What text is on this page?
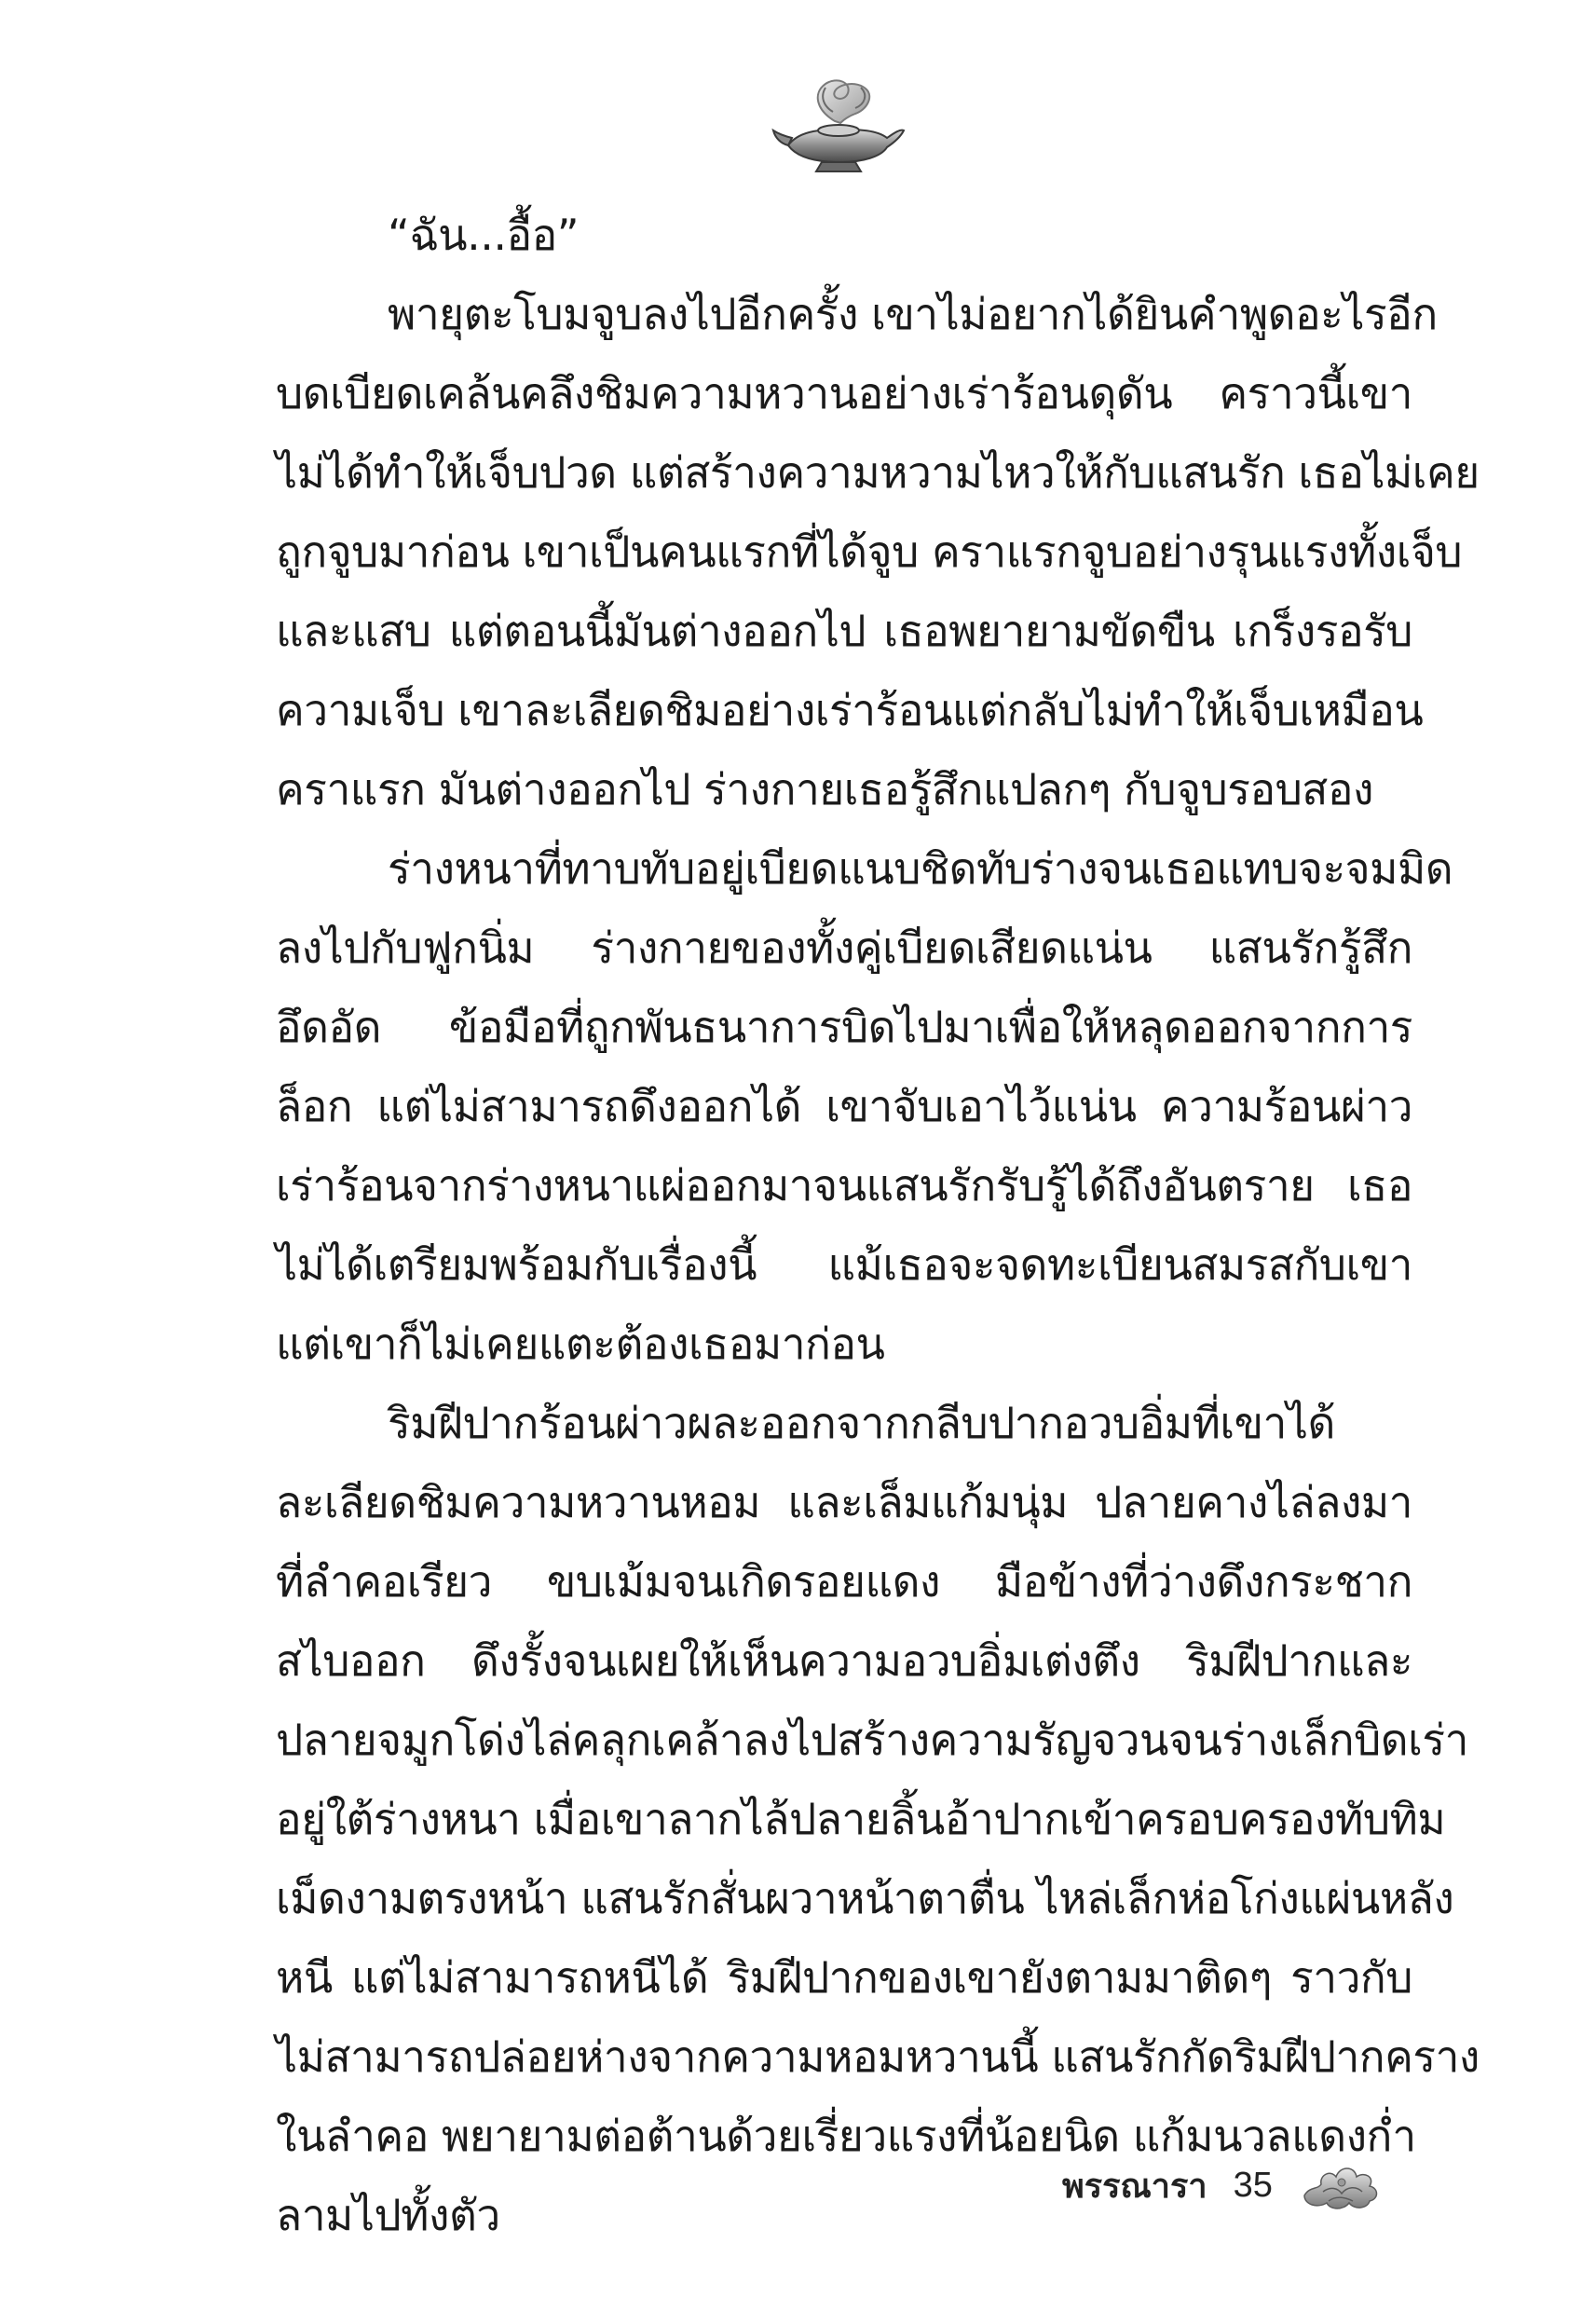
“ฉัน...อื้อ”
พายุตะโบมจูบลงไปอีกครั้ง เขาไม่อยากได้ยินคำพูดอะไรอีก
บดเบียดเคล้นคลึงชิมความหวานอย่างเร่าร้อนดุดัน คราวนี้เขา
ไม่ได้ทำให้เจ็บปวด แต่สร้างความหวามไหวให้กับแสนรัก เธอไม่เคย
ถูกจูบมาก่อน เขาเป็นคนแรกที่ได้จูบ คราแรกจูบอย่างรุนแรงทั้งเจ็บ
และแสบ แต่ตอนนี้มันต่างออกไป เธอพยายามขัดขืน เกร็งรอรับ
ความเจ็บ เขาละเลียดชิมอย่างเร่าร้อนแต่กลับไม่ทำให้เจ็บเหมือน
คราแรก มันต่างออกไป ร่างกายเธอรู้สึกแปลกๆ กับจูบรอบสอง
ร่างหนาที่ทาบทับอยู่เบียดแนบชิดทับร่างจนเธอแทบจะจมมิด
ลงไปกับฟูกนิ่ม ร่างกายของทั้งคู่เบียดเสียดแน่น แสนรักรู้สึก
อึดอัด ข้อมือที่ถูกพันธนาการบิดไปมาเพื่อให้หลุดออกจากการ
ล็อก แต่ไม่สามารถดึงออกได้ เขาจับเอาไว้แน่น ความร้อนผ่าว
เร่าร้อนจากร่างหนาแผ่ออกมาจนแสนรักรับรู้ได้ถึงอันตราย เธอ
ไม่ได้เตรียมพร้อมกับเรื่องนี้ แม้เธอจะจดทะเบียนสมรสกับเขา
แต่เขาก็ไม่เคยแตะต้องเธอมาก่อน
ริมฝีปากร้อนผ่าวผละออกจากกลีบปากอวบอิ่มที่เขาได้
ละเลียดชิมความหวานหอม และเล็มแก้มนุ่ม ปลายคางไล่ลงมา
ที่ลำคอเรียว ขบเม้มจนเกิดรอยแดง มือข้างที่ว่างดึงกระชาก
สไบออก ดึงรั้งจนเผยให้เห็นความอวบอิ่มเต่งตึง ริมฝีปากและ
ปลายจมูกโด่งไล่คลุกเคล้าลงไปสร้างความรัญจวนจนร่างเล็กบิดเร่า
อยู่ใต้ร่างหนา เมื่อเขาลากไล้ปลายลิ้นอ้าปากเข้าครอบครองทับทิม
เม็ดงามตรงหน้า แสนรักสั่นผวาหน้าตาตื่น ไหล่เล็กห่อโก่งแผ่นหลัง
หนี แต่ไม่สามารถหนีได้ ริมฝีปากของเขายังตามมาติดๆ ราวกับ
ไม่สามารถปล่อยห่างจากความหอมหวานนี้ แสนรักกัดริมฝีปากคราง
ในลำคอ พยายามต่อต้านด้วยเรี่ยวแรงที่น้อยนิด แก้มนวลแดงก่ำ
ลามไปทั้งตัว
พรรณารา 35
